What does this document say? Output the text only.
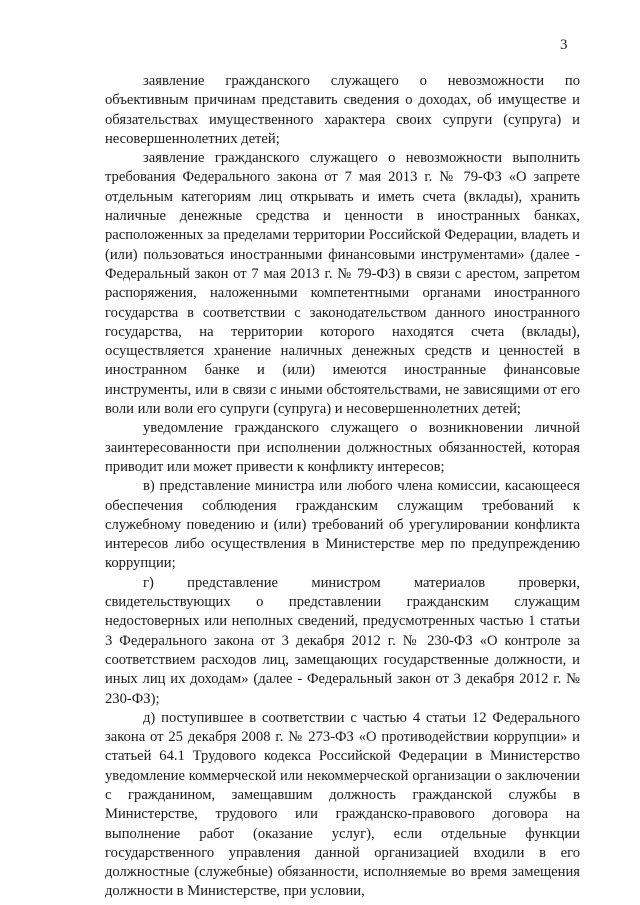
3

заявление гражданского служащего о невозможности по объективным причинам представить сведения о доходах, об имуществе и обязательствах имущественного характера своих супруги (супруга) и несовершеннолетних детей;

заявление гражданского служащего о невозможности выполнить требования Федерального закона от 7 мая 2013 г. № 79-ФЗ «О запрете отдельным категориям лиц открывать и иметь счета (вклады), хранить наличные денежные средства и ценности в иностранных банках, расположенных за пределами территории Российской Федерации, владеть и (или) пользоваться иностранными финансовыми инструментами» (далее - Федеральный закон от 7 мая 2013 г. № 79-ФЗ) в связи с арестом, запретом распоряжения, наложенными компетентными органами иностранного государства в соответствии с законодательством данного иностранного государства, на территории которого находятся счета (вклады), осуществляется хранение наличных денежных средств и ценностей в иностранном банке и (или) имеются иностранные финансовые инструменты, или в связи с иными обстоятельствами, не зависящими от его воли или воли его супруги (супруга) и несовершеннолетних детей;

уведомление гражданского служащего о возникновении личной заинтересованности при исполнении должностных обязанностей, которая приводит или может привести к конфликту интересов;

в) представление министра или любого члена комиссии, касающееся обеспечения соблюдения гражданским служащим требований к служебному поведению и (или) требований об урегулировании конфликта интересов либо осуществления в Министерстве мер по предупреждению коррупции;

г) представление министром материалов проверки, свидетельствующих о представлении гражданским служащим недостоверных или неполных сведений, предусмотренных частью 1 статьи 3 Федерального закона от 3 декабря 2012 г. № 230-ФЗ «О контроле за соответствием расходов лиц, замещающих государственные должности, и иных лиц их доходам» (далее - Федеральный закон от 3 декабря 2012 г. № 230-ФЗ);

д) поступившее в соответствии с частью 4 статьи 12 Федерального закона от 25 декабря 2008 г. № 273-ФЗ «О противодействии коррупции» и статьей 64.1 Трудового кодекса Российской Федерации в Министерство уведомление коммерческой или некоммерческой организации о заключении с гражданином, замещавшим должность гражданской службы в Министерстве, трудового или гражданско-правового договора на выполнение работ (оказание услуг), если отдельные функции государственного управления данной организацией входили в его должностные (служебные) обязанности, исполняемые во время замещения должности в Министерстве, при условии,
